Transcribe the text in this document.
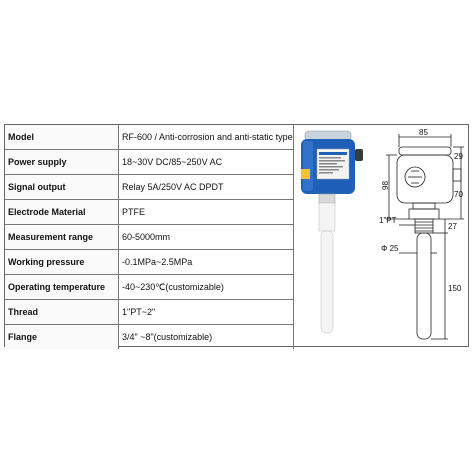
Model	RF-600 / Anti-corrosion and anti-static type
Power supply	18~30V DC/85~250V AC
Signal output	Relay 5A/250V AC DPDT
Electrode Material	PTFE
Measurement range	60-5000mm
Working pressure	-0.1MPa~2.5MPa
Operating temperature	-40~230℃(customizable)
Thread	1"PT~2"
Flange	3/4" ~8"(customizable)
85
29
98
70
1"PT
27
Φ 25
150
